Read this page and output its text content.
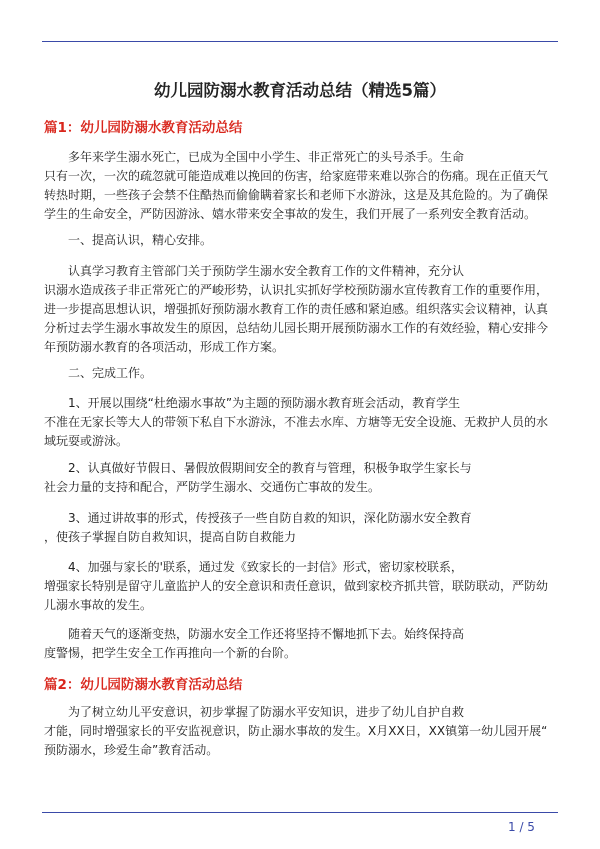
幼儿园防溺水教育活动总结（精选5篇）
篇1：幼儿园防溺水教育活动总结
　　多年来学生溺水死亡，已成为全国中小学生、非正常死亡的头号杀手。生命
只有一次，一次的疏忽就可能造成难以挽回的伤害，给家庭带来难以弥合的伤痛。现在正值天气
转热时期，一些孩子会禁不住酷热而偷偷瞒着家长和老师下水游泳，这是及其危险的。为了确保
学生的生命安全，严防因游泳、嬉水带来安全事故的发生，我们开展了一系列安全教育活动。
　　一、提高认识，精心安排。
　　认真学习教育主管部门关于预防学生溺水安全教育工作的文件精神，充分认
识溺水造成孩子非正常死亡的严峻形势，认识扎实抓好学校预防溺水宣传教育工作的重要作用，
进一步提高思想认识，增强抓好预防溺水教育工作的责任感和紧迫感。组织落实会议精神，认真
分析过去学生溺水事故发生的原因，总结幼儿园长期开展预防溺水工作的有效经验，精心安排今
年预防溺水教育的各项活动，形成工作方案。
　　二、完成工作。
　　1、开展以围绕“杜绝溺水事故”为主题的预防溺水教育班会活动，教育学生
不准在无家长等大人的带领下私自下水游泳，不准去水库、方塘等无安全设施、无救护人员的水
域玩耍或游泳。
　　2、认真做好节假日、暑假放假期间安全的教育与管理，积极争取学生家长与
社会力量的支持和配合，严防学生溺水、交通伤亡事故的发生。
　　3、通过讲故事的形式，传授孩子一些自防自救的知识，深化防溺水安全教育
，使孩子掌握自防自救知识，提高自防自救能力
　　4、加强与家长的'联系，通过发《致家长的一封信》形式，密切家校联系，
增强家长特别是留守儿童监护人的安全意识和责任意识，做到家校齐抓共管，联防联动，严防幼
儿溺水事故的发生。
　　随着天气的逐渐变热，防溺水安全工作还将坚持不懈地抓下去。始终保持高
度警惕，把学生安全工作再推向一个新的台阶。
篇2：幼儿园防溺水教育活动总结
　　为了树立幼儿平安意识，初步掌握了防溺水平安知识，进步了幼儿自护自救
才能，同时增强家长的平安监视意识，防止溺水事故的发生。X月XX日，XX镇第一幼儿园开展“
预防溺水，珍爱生命”教育活动。
1 / 5
